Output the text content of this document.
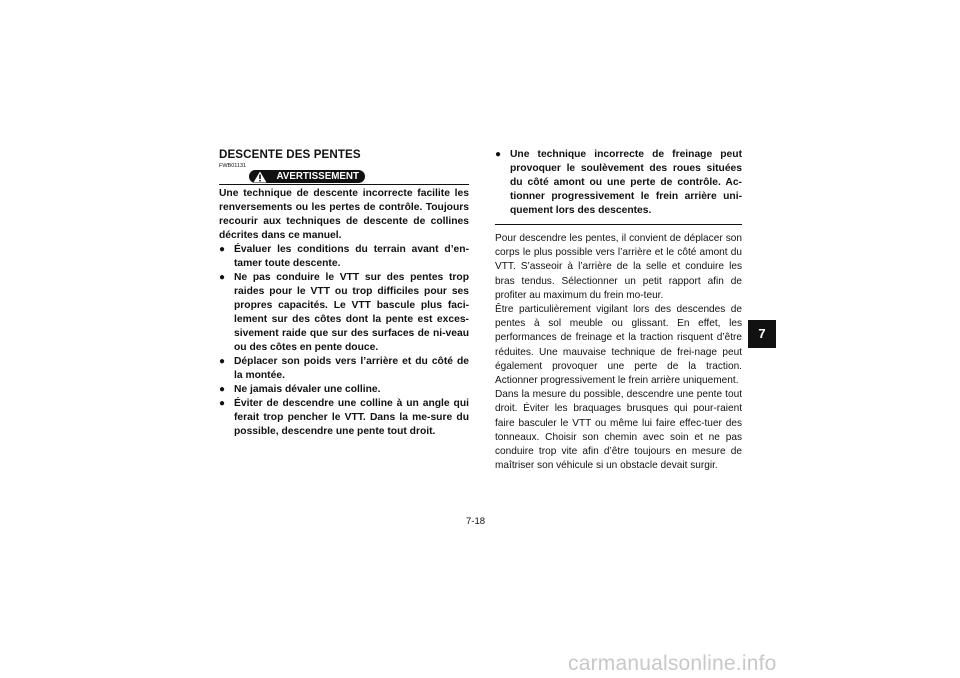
DESCENTE DES PENTES
FWB01131
AVERTISSEMENT

Une technique de descente incorrecte facilite les renversements ou les pertes de contrôle. Toujours recourir aux techniques de descente de collines décrites dans ce manuel.

● Évaluer les conditions du terrain avant d’en-tamer toute descente.
● Ne pas conduire le VTT sur des pentes trop raides pour le VTT ou trop difficiles pour ses propres capacités. Le VTT bascule plus faci-lement sur des côtes dont la pente est exces-sivement raide que sur des surfaces de ni-veau ou des côtes en pente douce.
● Déplacer son poids vers l’arrière et du côté de la montée.
● Ne jamais dévaler une colline.
● Éviter de descendre une colline à un angle qui ferait trop pencher le VTT. Dans la me-sure du possible, descendre une pente tout droit.
● Une technique incorrecte de freinage peut provoquer le soulèvement des roues situées du côté amont ou une perte de contrôle. Ac-tionner progressivement le frein arrière uni-quement lors des descentes.

Pour descendre les pentes, il convient de déplacer son corps le plus possible vers l’arrière et le côté amont du VTT. S’asseoir à l’arrière de la selle et conduire les bras tendus. Sélectionner un petit rapport afin de profiter au maximum du frein mo-teur.

Être particulièrement vigilant lors des descendes de pentes à sol meuble ou glissant. En effet, les performances de freinage et la traction risquent d’être réduites. Une mauvaise technique de frei-nage peut également provoquer une perte de la traction. Actionner progressivement le frein arrière uniquement.

Dans la mesure du possible, descendre une pente tout droit. Éviter les braquages brusques qui pour-raient faire basculer le VTT ou même lui faire effec-tuer des tonneaux. Choisir son chemin avec soin et ne pas conduire trop vite afin d’être toujours en mesure de maîtriser son véhicule si un obstacle devait surgir.

7-18
7
carmanualsonline.info
